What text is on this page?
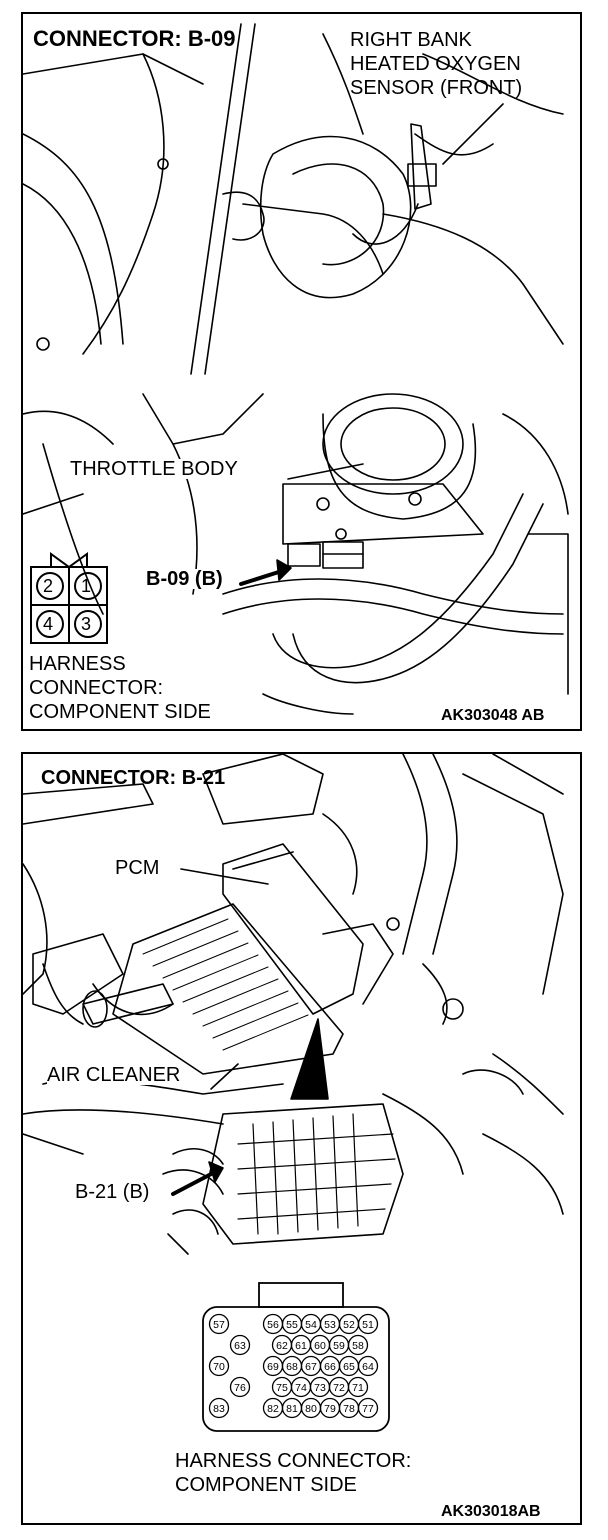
CONNECTOR: B-09	RIGHT BANK
HEATED OXYGEN
SENSOR (FRONT)
THROTTLE BODY
B-09 (B)
2 1
4 3
HARNESS
CONNECTOR:
COMPONENT SIDE	AK303048 AB
CONNECTOR: B-21
PCM
AIR CLEANER
B-21 (B)
57	56 55 54 53 52 51
63	62 61 60 59 58
70	69 68 67 66 65 64
76	75 74 73 72 71
83	82 81 80 79 78 77
HARNESS CONNECTOR:
COMPONENT SIDE
AK303018AB
